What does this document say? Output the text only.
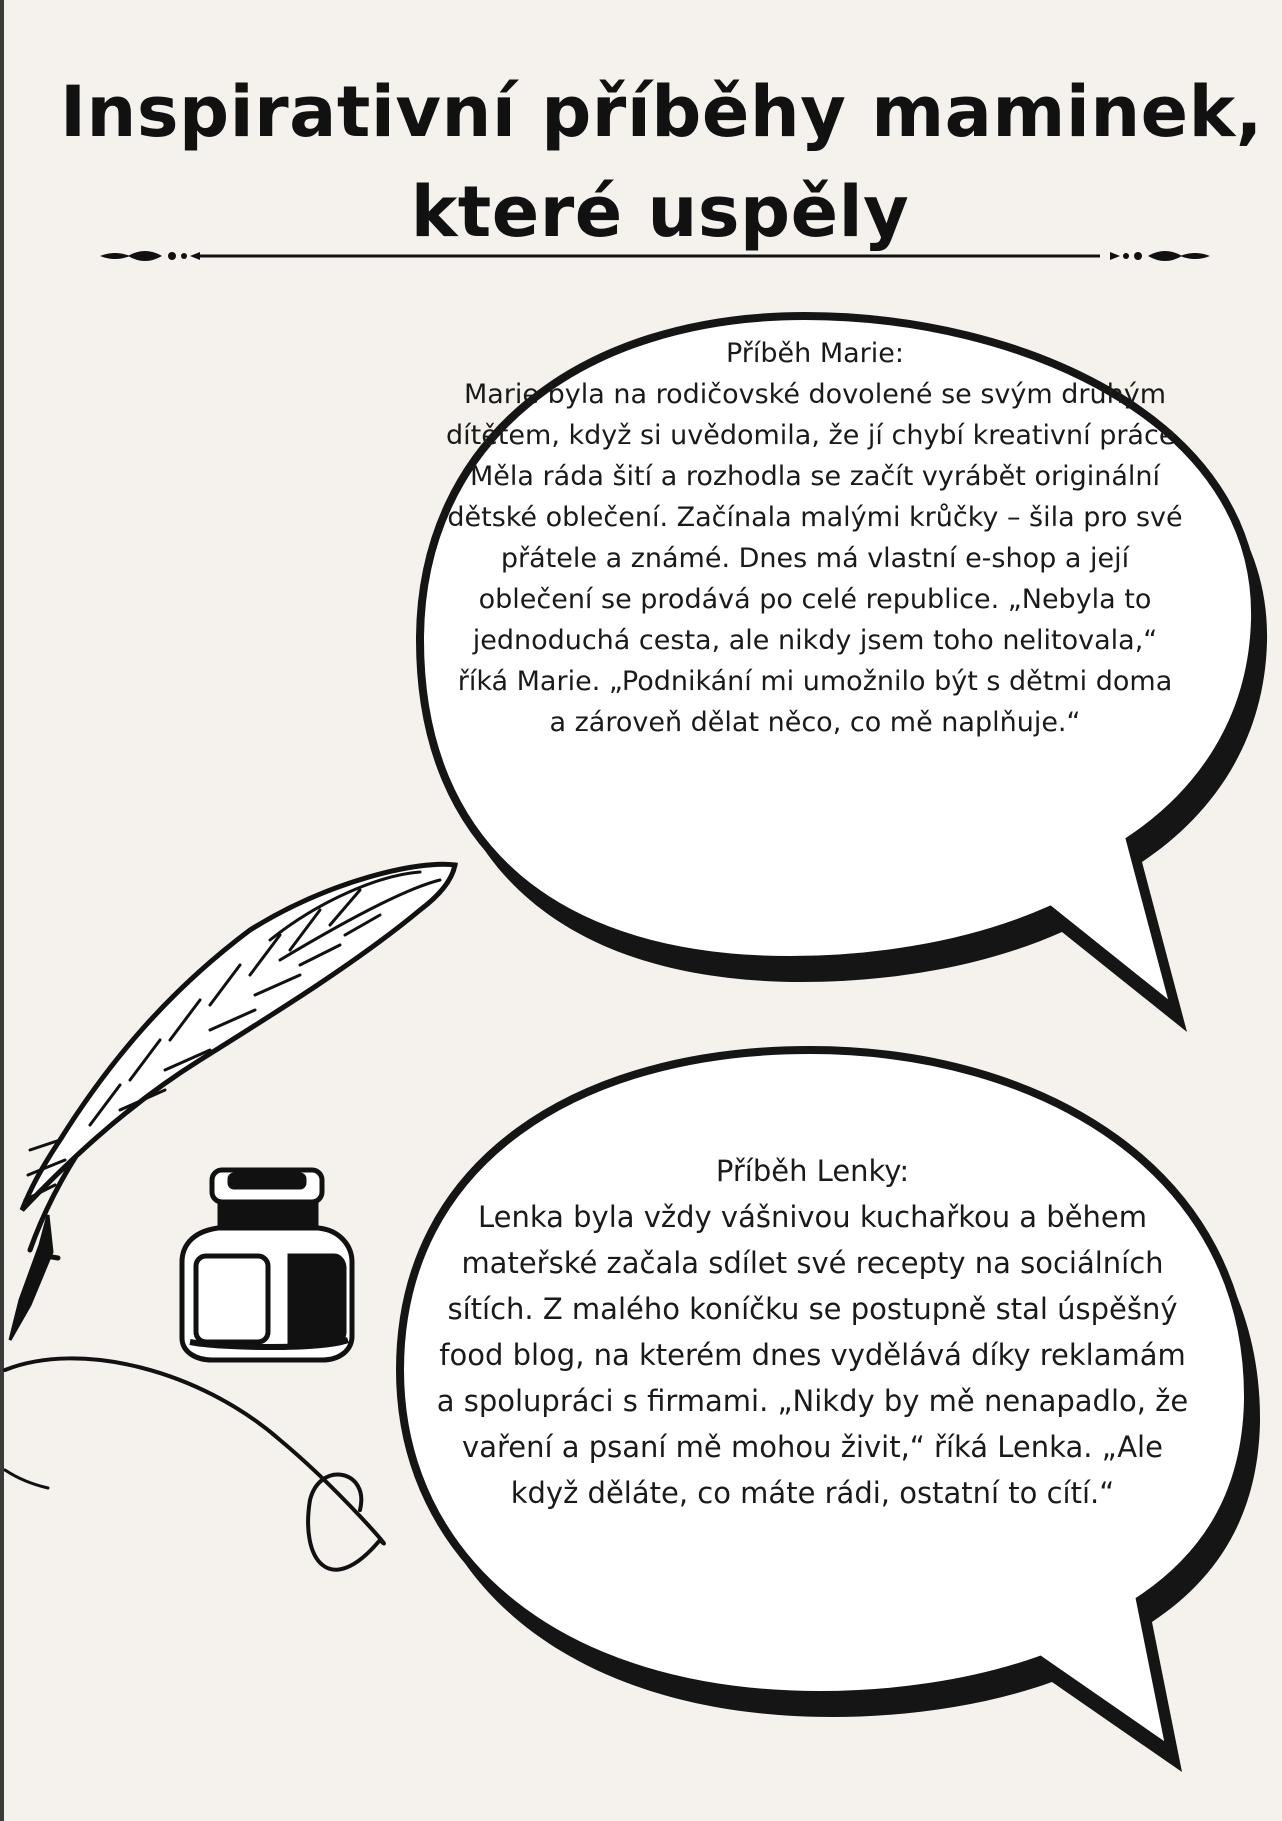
Inspirativní příběhy maminek,
které uspěly
Příběh Marie:
Marie byla na rodičovské dovolené se svým druhým
dítětem, když si uvědomila, že jí chybí kreativní práce.
Měla ráda šití a rozhodla se začít vyrábět originální
dětské oblečení. Začínala malými krůčky – šila pro své
přátele a známé. Dnes má vlastní e-shop a její
oblečení se prodává po celé republice. „Nebyla to
jednoduchá cesta, ale nikdy jsem toho nelitovala,“
říká Marie. „Podnikání mi umožnilo být s dětmi doma
a zároveň dělat něco, co mě naplňuje.“
Příběh Lenky:
Lenka byla vždy vášnivou kuchařkou a během
mateřské začala sdílet své recepty na sociálních
sítích. Z malého koníčku se postupně stal úspěšný
food blog, na kterém dnes vydělává díky reklamám
a spolupráci s firmami. „Nikdy by mě nenapadlo, že
vaření a psaní mě mohou živit,“ říká Lenka. „Ale
když děláte, co máte rádi, ostatní to cítí.“
